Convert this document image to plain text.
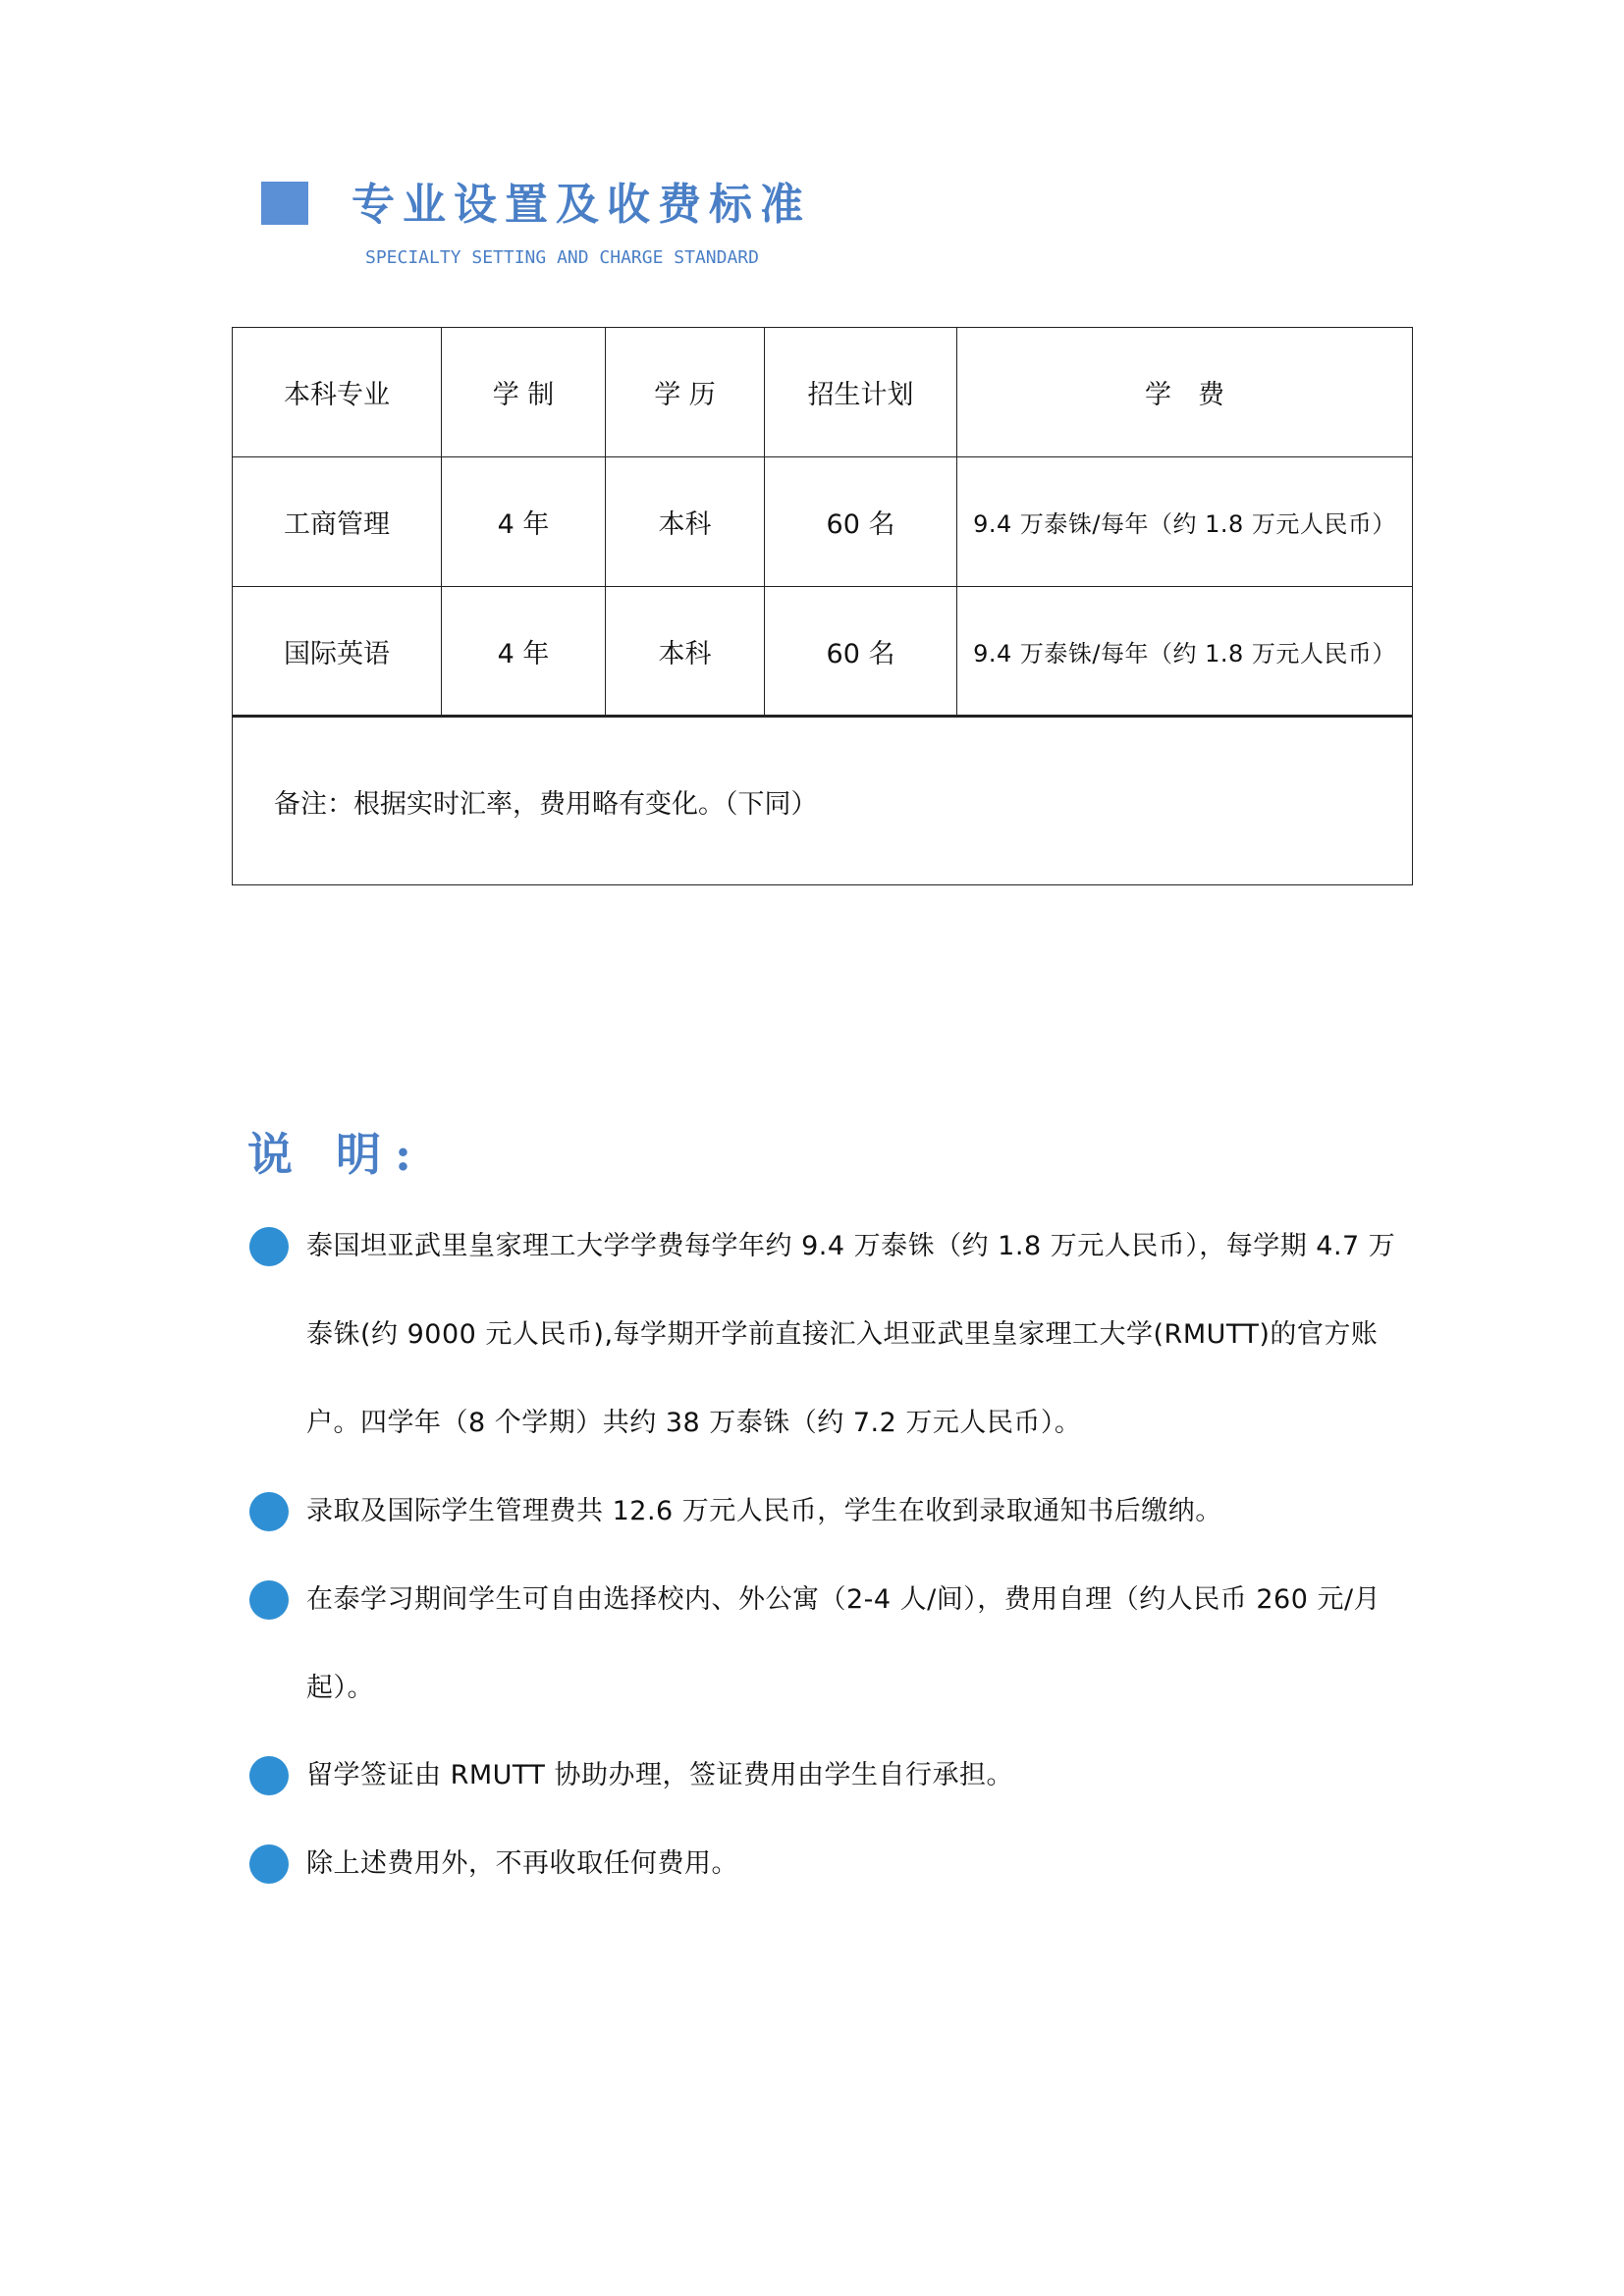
专业设置及收费标准
SPECIALTY SETTING AND CHARGE STANDARD
本科专业	学 制	学 历	招生计划	学　费
工商管理	4 年	本科	60 名	9.4 万泰铢/每年（约 1.8 万元人民币）
国际英语	4 年	本科	60 名	9.4 万泰铢/每年（约 1.8 万元人民币）
备注：根据实时汇率，费用略有变化。（下同）				
说 明:
泰国坦亚武里皇家理工大学学费每学年约 9.4 万泰铢（约 1.8 万元人民币），每学期 4.7 万泰铢(约 9000 元人民币),每学期开学前直接汇入坦亚武里皇家理工大学(RMUTT)的官方账户。四学年（8 个学期）共约 38 万泰铢（约 7.2 万元人民币）。
录取及国际学生管理费共 12.6 万元人民币，学生在收到录取通知书后缴纳。
在泰学习期间学生可自由选择校内、外公寓（2-4 人/间），费用自理（约人民币 260 元/月起）。
留学签证由 RMUTT 协助办理，签证费用由学生自行承担。
除上述费用外，不再收取任何费用。
